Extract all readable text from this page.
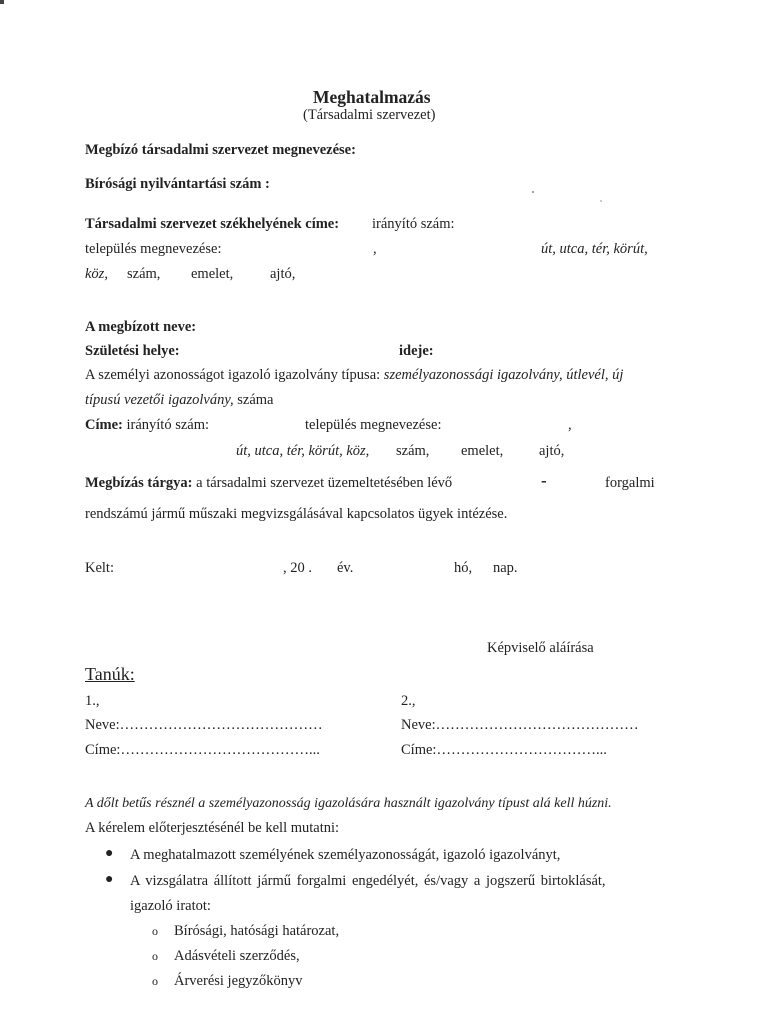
Meghatalmazás
(Társadalmi szervezet)
Megbízó társadalmi szervezet megnevezése:
Bírósági nyilvántartási szám :
Társadalmi szervezet székhelyének címe: irányító szám:
település megnevezése:	,	út, utca, tér, körút,
köz, szám, emelet,	ajtó,
A megbízott neve:
Születési helye:	ideje:
A személyi azonosságot igazoló igazolvány típusa: személyazonossági igazolvány, útlevél, új
típusú vezetői igazolvány, száma
Címe: irányító szám:	település megnevezése:	,
út, utca, tér, körút, köz, szám, emelet, ajtó,
Megbízás tárgya: a társadalmi szervezet üzemeltetésében lévő	-	forgalmi
rendszámú jármű műszaki megvizsgálásával kapcsolatos ügyek intézése.
Kelt:	, 20 . év.	hó, nap.
Képviselő aláírása
Tanúk:
1.,
Neve:……………………………………
Címe:…………………………………...
2.,
Neve:……………………………………
Címe:……………………………...
A dőlt betűs résznél a személyazonosság igazolására használt igazolvány típust alá kell húzni.
A kérelem előterjesztésénél be kell mutatni:
● A meghatalmazott személyének személyazonosságát, igazoló igazolványt,
● A vizsgálatra állított jármű forgalmi engedélyét, és/vagy a jogszerű birtoklását,
igazoló iratot:
o Bírósági, hatósági határozat,
o Adásvételi szerződés,
o Árverési jegyzőkönyv
